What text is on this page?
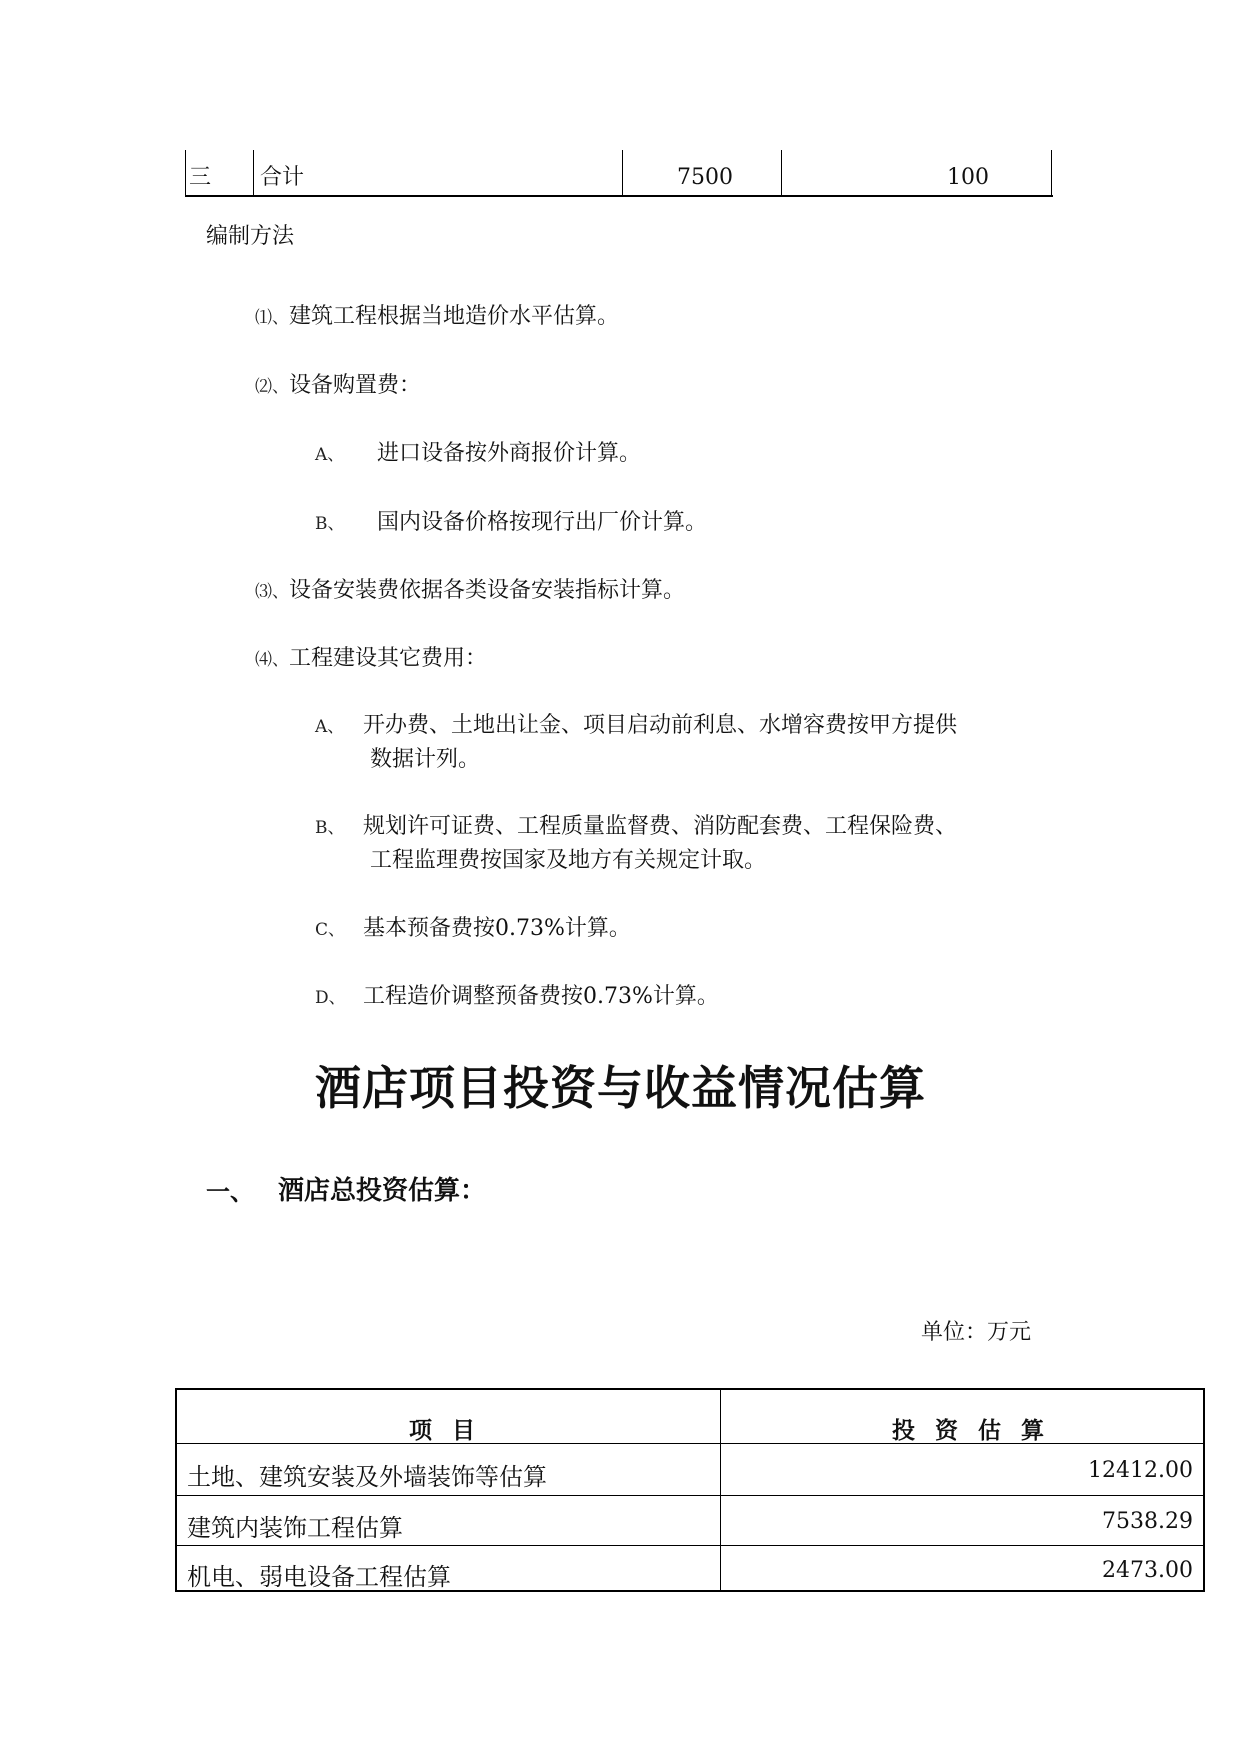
三 合计	7500	100
编制方法
⑴、建筑工程根据当地造价水平估算。
⑵、设备购置费：
A、 进口设备按外商报价计算。
B、 国内设备价格按现行出厂价计算。
⑶、设备安装费依据各类设备安装指标计算。
⑷、工程建设其它费用：
A、 开办费、土地出让金、项目启动前利息、水增容费按甲方提供
数据计列。
B、 规划许可证费、工程质量监督费、消防配套费、工程保险费、
工程监理费按国家及地方有关规定计取。
C、 基本预备费按0.73%计算。
D、 工程造价调整预备费按0.73%计算。
酒店项目投资与收益情况估算
一、 酒店总投资估算：
单位：万元
项 目	投 资 估 算
土地、建筑安装及外墙装饰等估算	12412.00
建筑内装饰工程估算	7538.29
机电、弱电设备工程估算	2473.00
